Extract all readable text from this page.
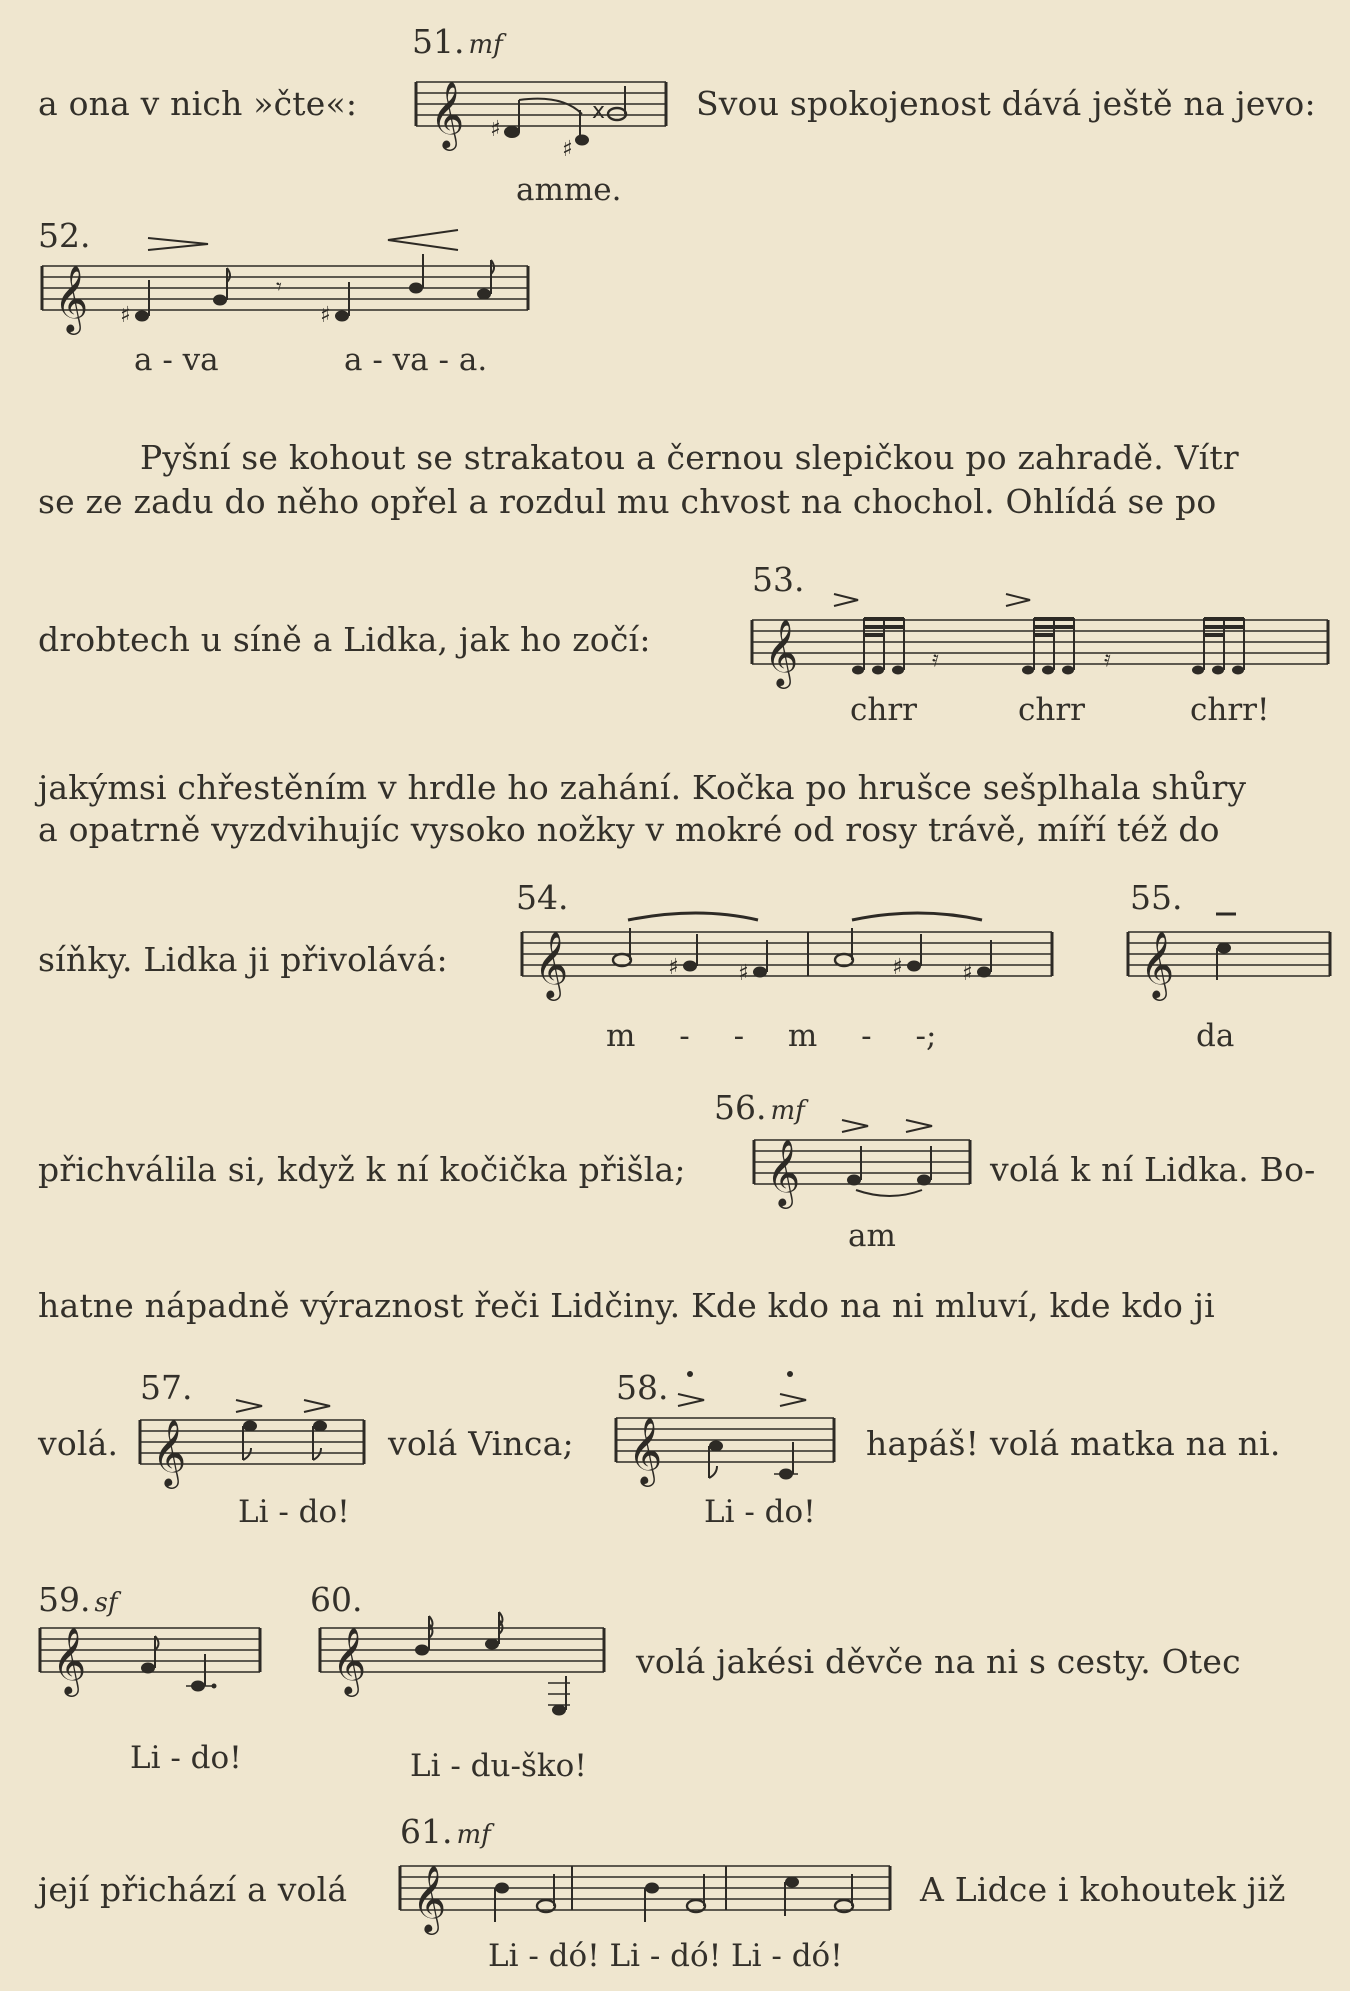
51. mf
a ona v nich »čte«: 𝄞 ♯
♯
x	Svou spokojenost dává ještě na jevo:
amme.
52.
𝄞 ♯
𝄾
♯
a - va	a - va - a.
Pyšní se kohout se strakatou a černou slepičkou po zahradě. Vítr
se ze zadu do něho opřel a rozdul mu chvost na chochol. Ohlídá se po
53.
drobtech u síně a Lidka, jak ho zočí: 𝄞	𝄿	𝄿
chrr	chrr	chrr!
jakýmsi chřestěním v hrdle ho zahání. Kočka po hrušce sešplhala shůry
a opatrně vyzdvihujíc vysoko nožky v mokré od rosy trávě, míří též do
54.	55.
síňky. Lidka ji přivolává: 𝄞	♯	♯	♯	♯	𝄞
m - - m - -;	da
56. mf
přichválila si, když k ní kočička přišla; 𝄞	volá k ní Lidka. Bo-
am
hatne nápadně výraznost řeči Lidčiny. Kde kdo na ni mluví, kde kdo ji
57.	58.
volá. 𝄞	volá Vinca; 𝄞	hapáš! volá matka na ni.
Li - do!	Li - do!
59. sf	60.
𝄞	𝄞	volá jakési děvče na ni s cesty. Otec
Li - do!	Li - du-ško!
61. mf
její přichází a volá 𝄞	A Lidce i kohoutek již
Li - dó! Li - dó! Li - dó!
